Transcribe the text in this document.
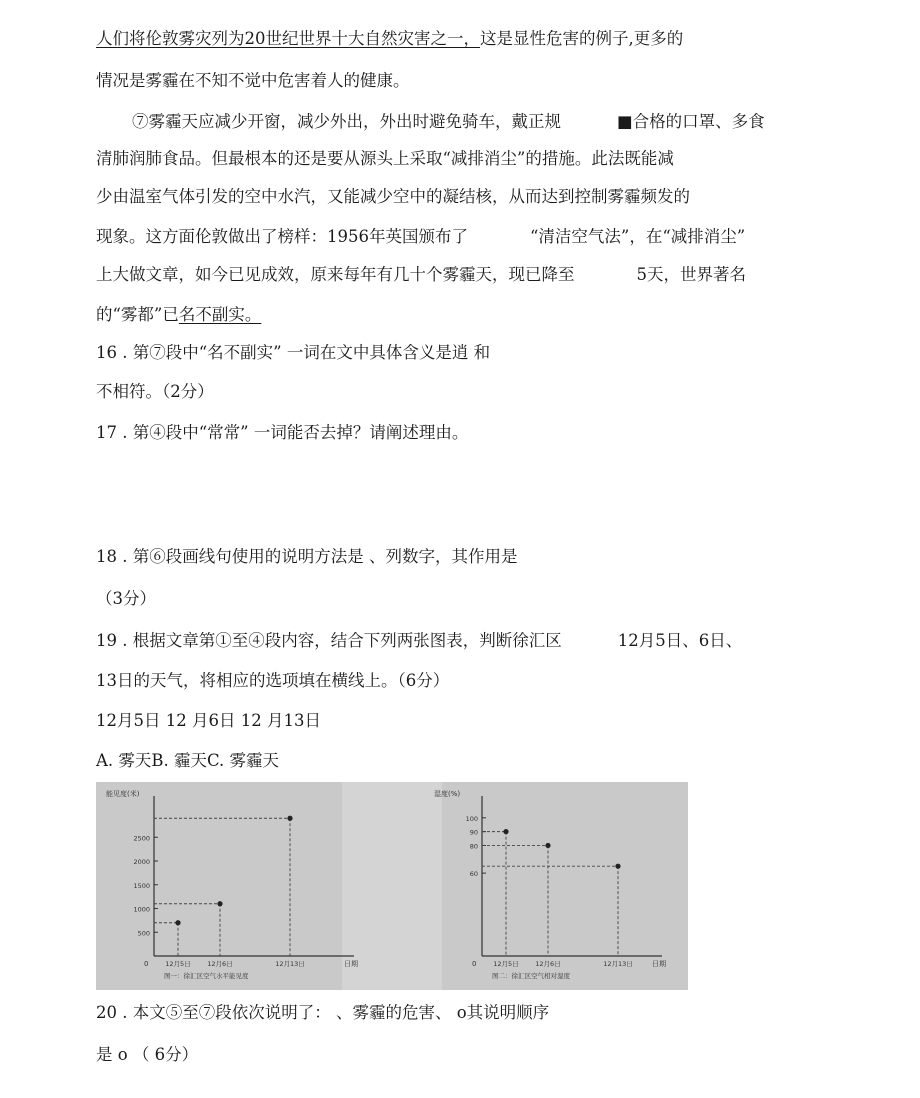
人们将伦敦雾灾列为20世纪世界十大自然灾害之一，这是显性危害的例子,更多的
情况是雾霾在不知不觉中危害着人的健康。
⑦雾霾天应减少开窗，减少外出，外出时避免骑车，戴正规	■合格的口罩、多食
清肺润肺食品。但最根本的还是要从源头上采取“减排消尘”的措施。此法既能减
少由温室气体引发的空中水汽，又能减少空中的凝结核，从而达到控制雾霾频发的
现象。这方面伦敦做出了榜样：1956年英国颁布了	“清洁空气法”，在“减排消尘”
上大做文章，如今已见成效，原来每年有几十个雾霾天，现已降至	5天，世界著名
的“雾都”已名不副实。
16 . 第⑦段中“名不副实” 一词在文中具体含义是逍 和
不相符。（2分）
17 . 第④段中“常常” 一词能否去掉？请阐述理由。
18 . 第⑥段画线句使用的说明方法是 、列数字，其作用是
（3分）
19 . 根据文章第①至④段内容，结合下列两张图表，判断徐汇区	12月5日、6日、
13日的天气，将相应的选项填在横线上。（6分）
12月5日 12 月6日 12 月13日
A. 雾天B. 霾天C. 雾霾天
能见度(米)
日期
0
图一：徐汇区空气水平能见度
500
1000
1500
2000
2500
12月5日	12月6日	12月13日
湿度(%)
日期
0
图二：徐汇区空气相对湿度
60
80
90
100
12月5日	12月6日	12月13日
20 . 本文⑤至⑦段依次说明了： 、雾霾的危害、 o其说明顺序
是 o （ 6分）
